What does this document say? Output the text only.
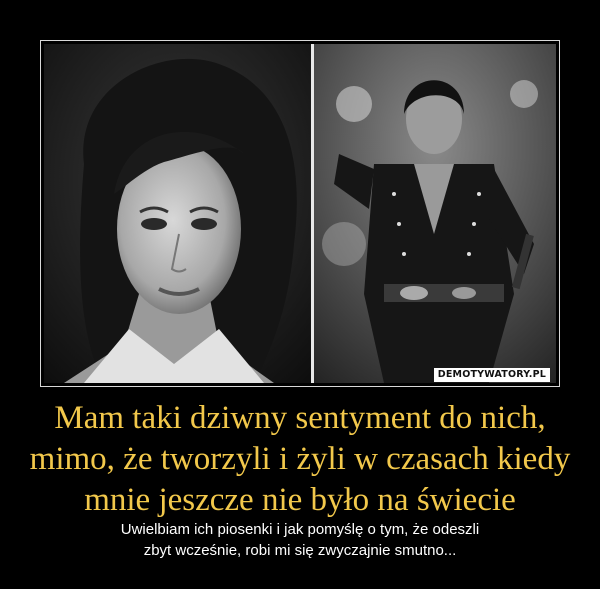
DEMOTYWATORY.PL
Mam taki dziwny sentyment do nich,
mimo, że tworzyli i żyli w czasach kiedy
mnie jeszcze nie było na świecie
Uwielbiam ich piosenki i jak pomyślę o tym, że odeszli
zbyt wcześnie, robi mi się zwyczajnie smutno...
